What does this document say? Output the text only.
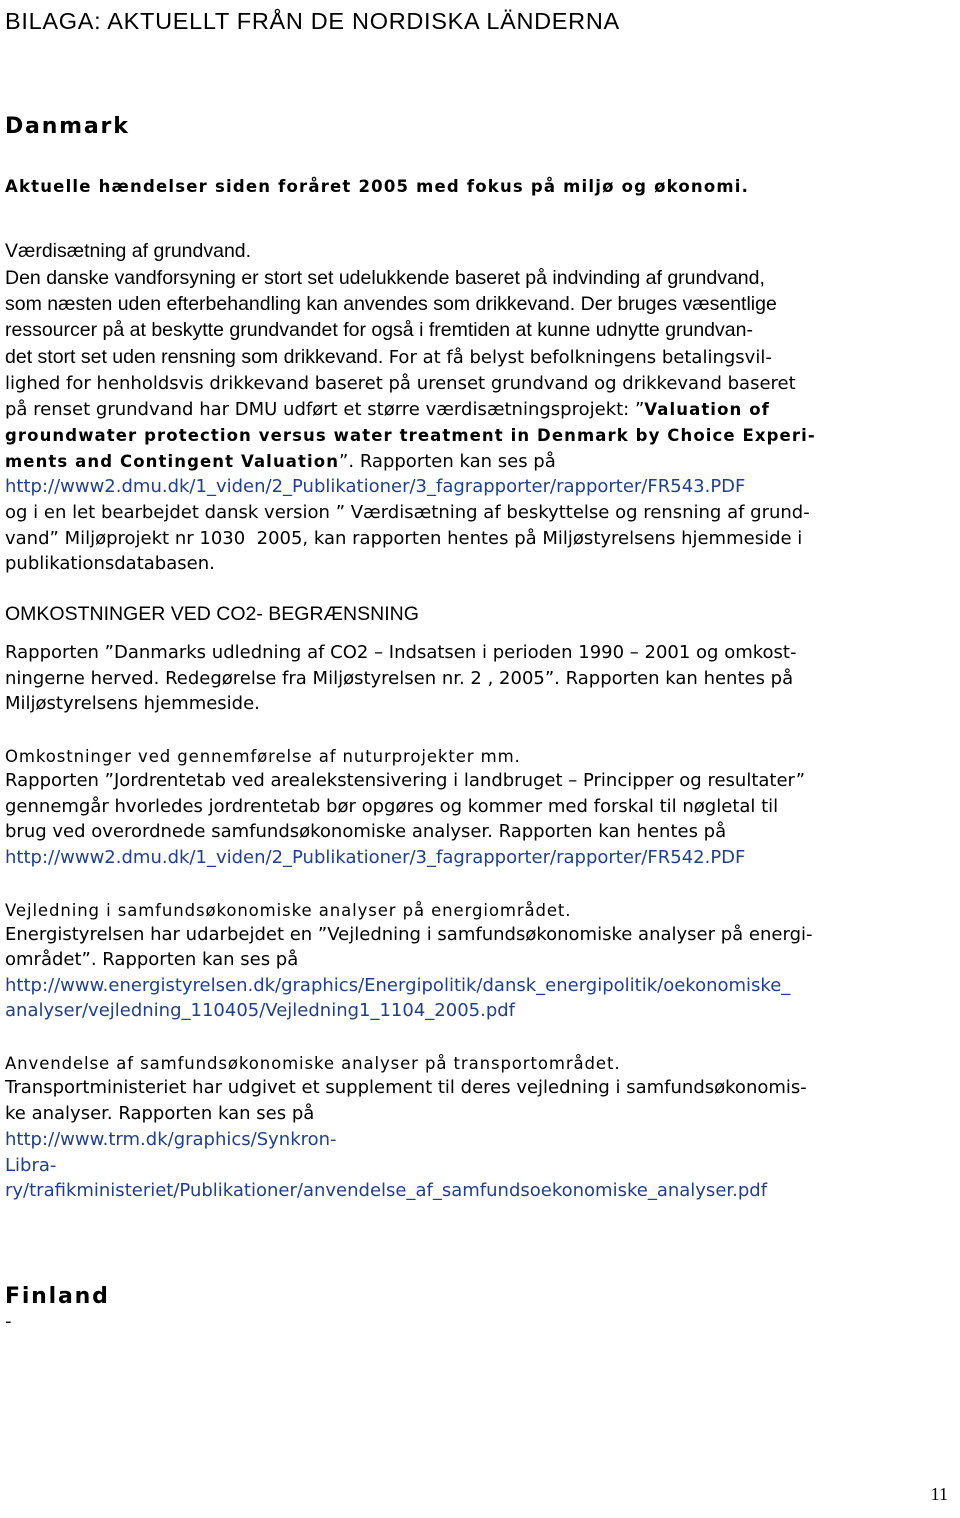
BILAGA: AKTUELLT FRÅN DE NORDISKA LÄNDERNA
Danmark
Aktuelle hændelser siden foråret 2005 med fokus på miljø og økonomi.
Værdisætning af grundvand.
Den danske vandforsyning er stort set udelukkende baseret på indvinding af grundvand,
som næsten uden efterbehandling kan anvendes som drikkevand. Der bruges væsentlige
ressourcer på at beskytte grundvandet for også i fremtiden at kunne udnytte grundvan-
det stort set uden rensning som drikkevand. For at få belyst befolkningens betalingsvil-
lighed for henholdsvis drikkevand baseret på urenset grundvand og drikkevand baseret
på renset grundvand har DMU udført et større værdisætningsprojekt: ”Valuation of
groundwater protection versus water treatment in Denmark by Choice Experi-
ments and Contingent Valuation”. Rapporten kan ses på
http://www2.dmu.dk/1_viden/2_Publikationer/3_fagrapporter/rapporter/FR543.PDF
og i en let bearbejdet dansk version ” Værdisætning af beskyttelse og rensning af grund-
vand” Miljøprojekt nr 1030  2005, kan rapporten hentes på Miljøstyrelsens hjemmeside i
publikationsdatabasen.
OMKOSTNINGER VED CO2- BEGRÆNSNING
Rapporten ”Danmarks udledning af CO2 – Indsatsen i perioden 1990 – 2001 og omkost-
ningerne herved. Redegørelse fra Miljøstyrelsen nr. 2 , 2005”. Rapporten kan hentes på
Miljøstyrelsens hjemmeside.
Omkostninger ved gennemførelse af nuturprojekter mm.
Rapporten ”Jordrentetab ved arealekstensivering i landbruget – Principper og resultater”
gennemgår hvorledes jordrentetab bør opgøres og kommer med forskal til nøgletal til
brug ved overordnede samfundsøkonomiske analyser. Rapporten kan hentes på
http://www2.dmu.dk/1_viden/2_Publikationer/3_fagrapporter/rapporter/FR542.PDF
Vejledning i samfundsøkonomiske analyser på energiområdet.
Energistyrelsen har udarbejdet en ”Vejledning i samfundsøkonomiske analyser på energi-
området”. Rapporten kan ses på
http://www.energistyrelsen.dk/graphics/Energipolitik/dansk_energipolitik/oekonomiske_
analyser/vejledning_110405/Vejledning1_1104_2005.pdf
Anvendelse af samfundsøkonomiske analyser på transportområdet.
Transportministeriet har udgivet et supplement til deres vejledning i samfundsøkonomis-
ke analyser. Rapporten kan ses på
http://www.trm.dk/graphics/Synkron-
Libra-
ry/trafikministeriet/Publikationer/anvendelse_af_samfundsoekonomiske_analyser.pdf
Finland
-
11
